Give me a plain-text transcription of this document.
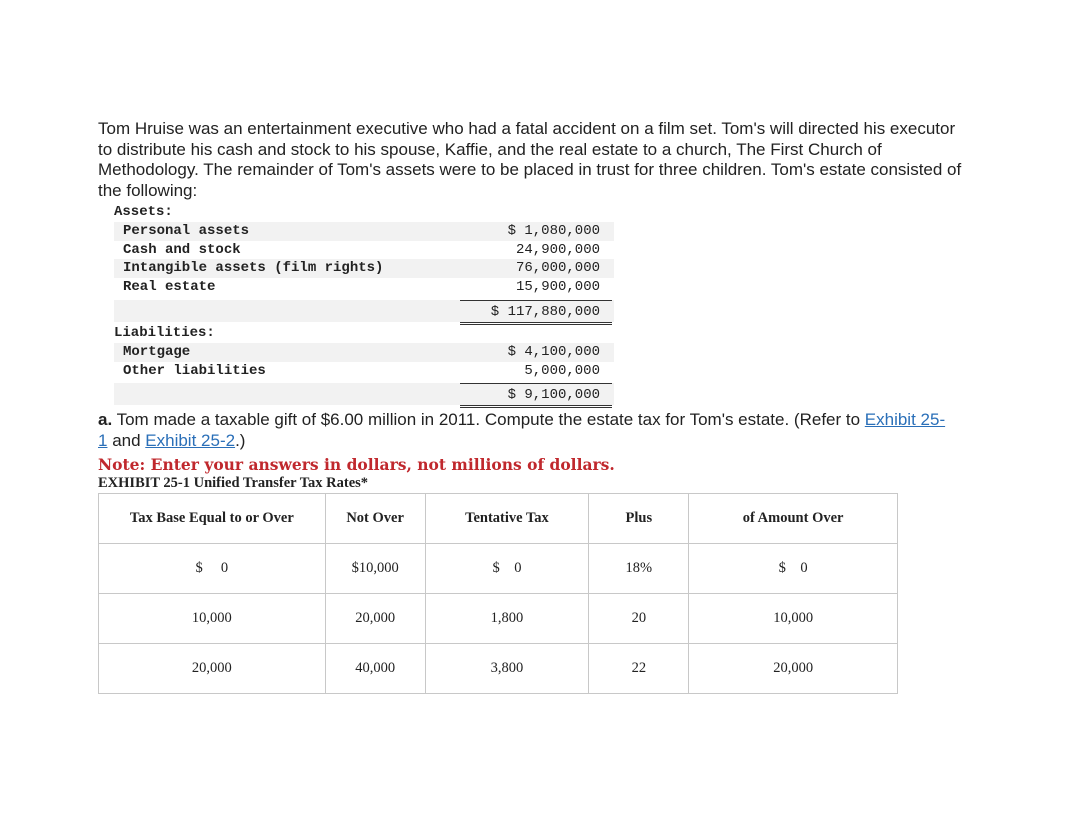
Tom Hruise was an entertainment executive who had a fatal accident on a film set. Tom's will directed his executor to distribute his cash and stock to his spouse, Kaffie, and the real estate to a church, The First Church of Methodology. The remainder of Tom's assets were to be placed in trust for three children. Tom's estate consisted of the following:

Assets:
Personal assets	$ 1,080,000
Cash and stock	24,900,000
Intangible assets (film rights)	76,000,000
Real estate	15,900,000
$ 117,880,000
Liabilities:
Mortgage	$ 4,100,000
Other liabilities	5,000,000
$ 9,100,000

a. Tom made a taxable gift of $6.00 million in 2011. Compute the estate tax for Tom's estate. (Refer to Exhibit 25-1 and Exhibit 25-2.)

Note: Enter your answers in dollars, not millions of dollars.
EXHIBIT 25-1 Unified Transfer Tax Rates*
Tax Base Equal to or Over	Not Over	Tentative Tax	Plus	of Amount Over
$     0	$10,000	$    0	18%	$    0
10,000	20,000	1,800	20	10,000
20,000	40,000	3,800	22	20,000
